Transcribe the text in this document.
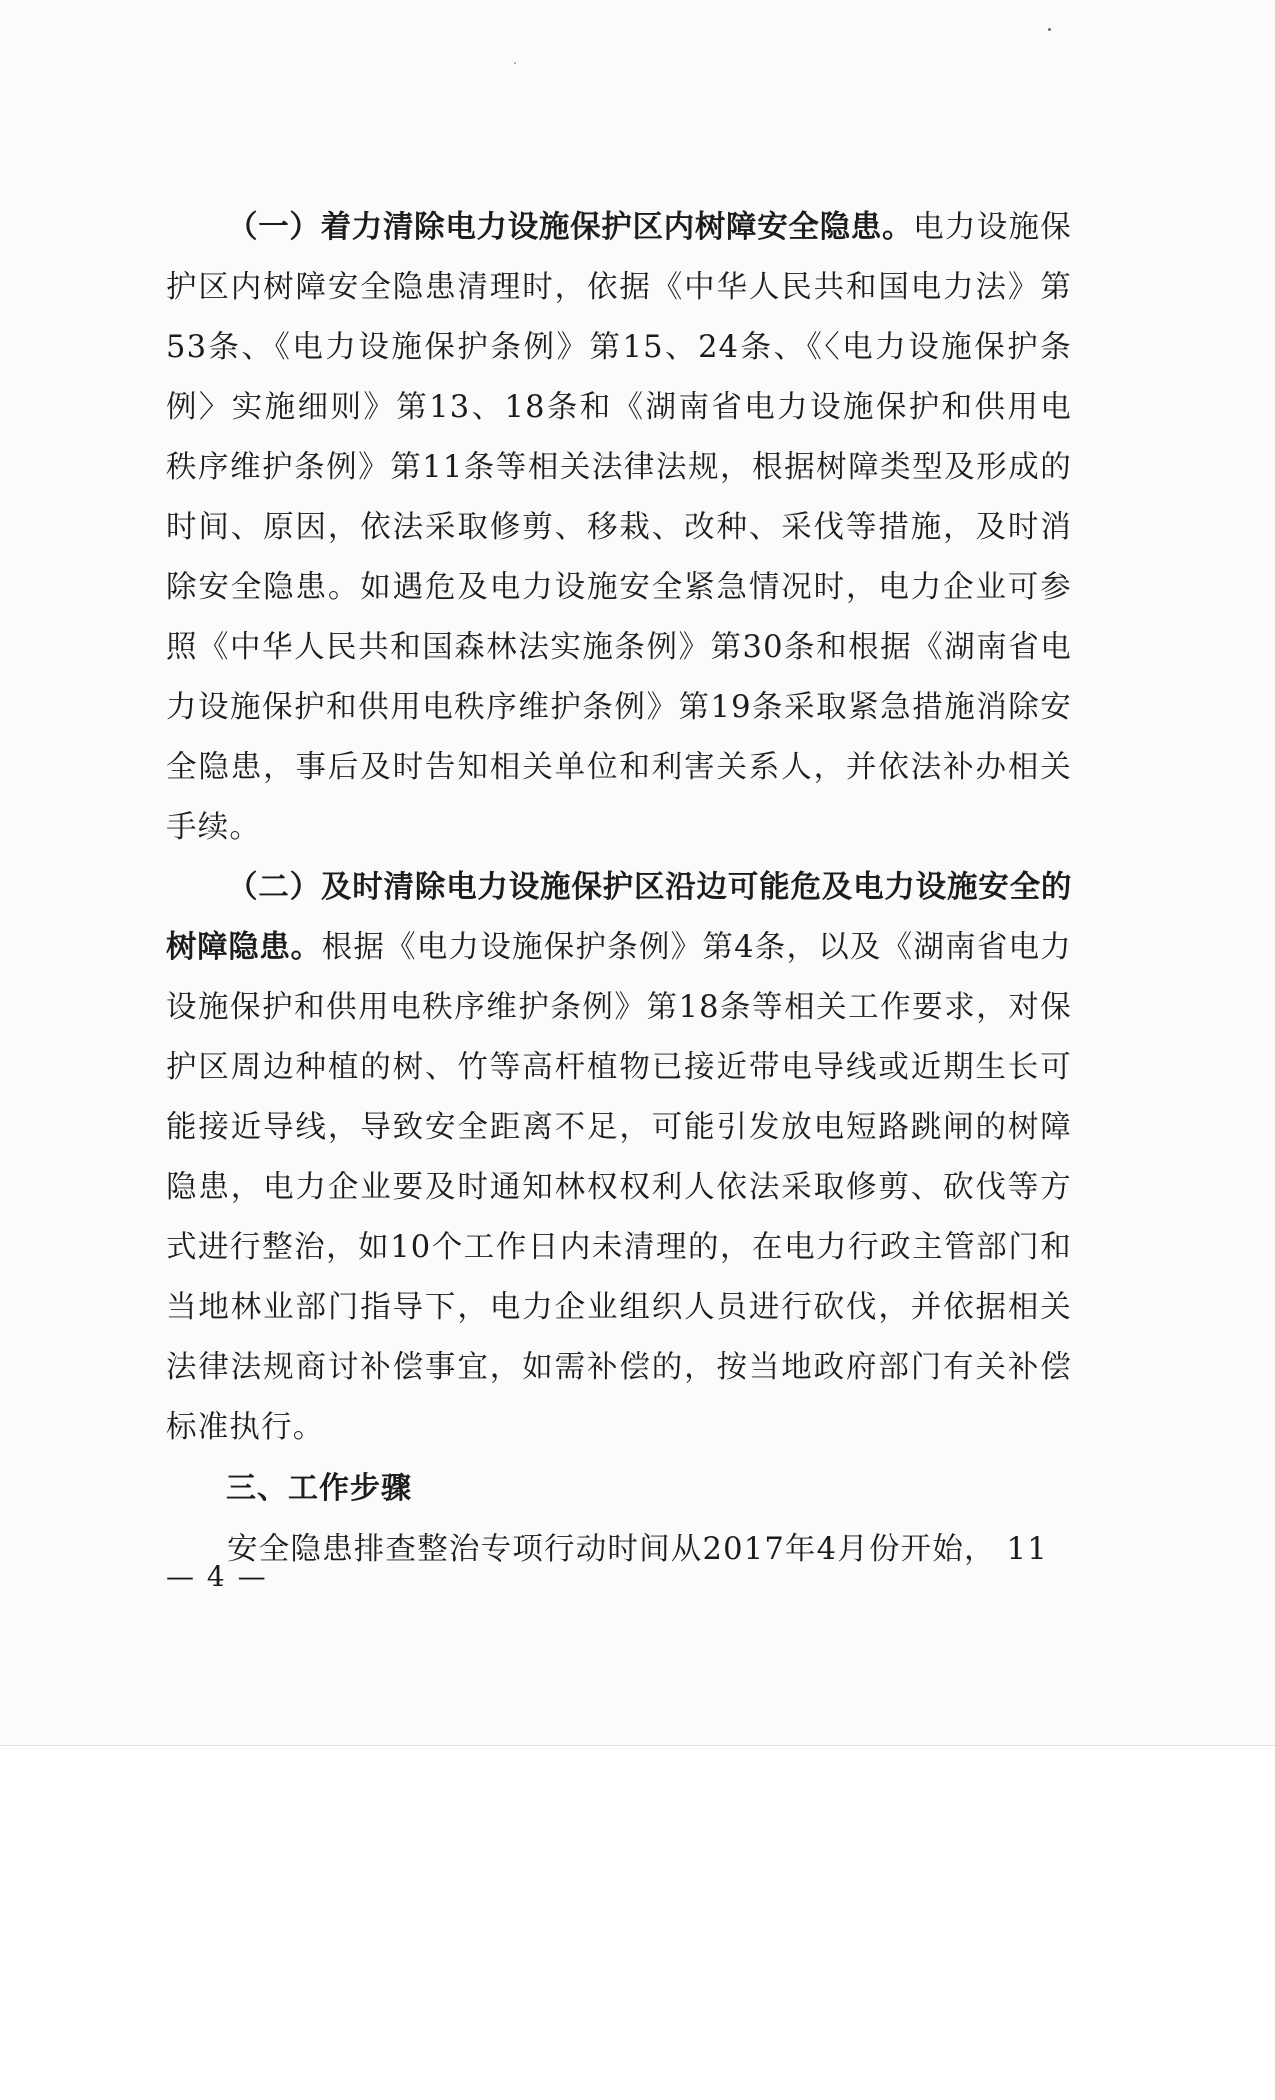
（一）着力清除电力设施保护区内树障安全隐患。电力设施保护区内树障安全隐患清理时，依据《中华人民共和国电力法》第53条、《电力设施保护条例》第15、24条、《〈电力设施保护条例〉实施细则》第13、18条和《湖南省电力设施保护和供用电秩序维护条例》第11条等相关法律法规，根据树障类型及形成的时间、原因，依法采取修剪、移栽、改种、采伐等措施，及时消除安全隐患。如遇危及电力设施安全紧急情况时，电力企业可参照《中华人民共和国森林法实施条例》第30条和根据《湖南省电力设施保护和供用电秩序维护条例》第19条采取紧急措施消除安全隐患，事后及时告知相关单位和利害关系人，并依法补办相关手续。

（二）及时清除电力设施保护区沿边可能危及电力设施安全的树障隐患。根据《电力设施保护条例》第4条，以及《湖南省电力设施保护和供用电秩序维护条例》第18条等相关工作要求，对保护区周边种植的树、竹等高杆植物已接近带电导线或近期生长可能接近导线，导致安全距离不足，可能引发放电短路跳闸的树障隐患，电力企业要及时通知林权权利人依法采取修剪、砍伐等方式进行整治，如10个工作日内未清理的，在电力行政主管部门和当地林业部门指导下，电力企业组织人员进行砍伐，并依据相关法律法规商讨补偿事宜，如需补偿的，按当地政府部门有关补偿标准执行。

三、工作步骤

安全隐患排查整治专项行动时间从2017年4月份开始， 11

— 4 —
